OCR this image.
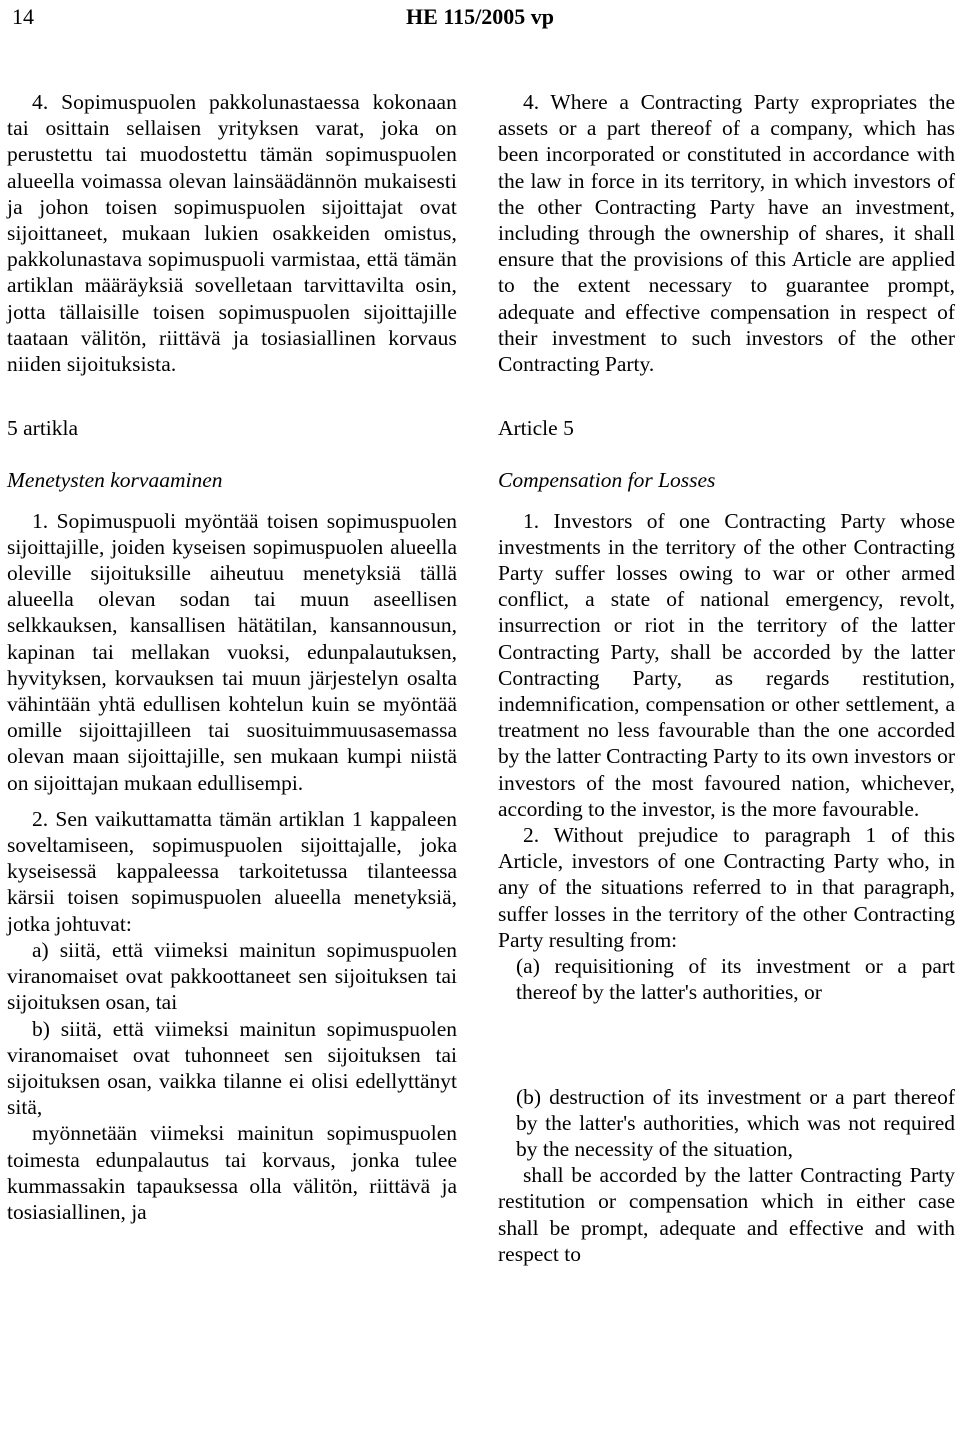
14	HE 115/2005 vp

4. Sopimuspuolen pakkolunastaessa kokonaan tai osittain sellaisen yrityksen varat, joka on perustettu tai muodostettu tämän sopimuspuolen alueella voimassa olevan lainsäädännön mukaisesti ja johon toisen sopimuspuolen sijoittajat ovat sijoittaneet, mukaan lukien osakkeiden omistus, pakkolunastava sopimuspuoli varmistaa, että tämän artiklan määräyksiä sovelletaan tarvittavilta osin, jotta tällaisille toisen sopimuspuolen sijoittajille taataan välitön, riittävä ja tosiasiallinen korvaus niiden sijoituksista.

5 artikla

Menetysten korvaaminen

1. Sopimuspuoli myöntää toisen sopimuspuolen sijoittajille, joiden kyseisen sopimuspuolen alueella oleville sijoituksille aiheutuu menetyksiä tällä alueella olevan sodan tai muun aseellisen selkkauksen, kansallisen hätätilan, kansannousun, kapinan tai mellakan vuoksi, edunpalautuksen, hyvityksen, korvauksen tai muun järjestelyn osalta vähintään yhtä edullisen kohtelun kuin se myöntää omille sijoittajilleen tai suosituimmuusasemassa olevan maan sijoittajille, sen mukaan kumpi niistä on sijoittajan mukaan edullisempi.

2. Sen vaikuttamatta tämän artiklan 1 kappaleen soveltamiseen, sopimuspuolen sijoittajalle, joka kyseisessä kappaleessa tarkoitetussa tilanteessa kärsii toisen sopimuspuolen alueella menetyksiä, jotka johtuvat:

a) siitä, että viimeksi mainitun sopimuspuolen viranomaiset ovat pakkoottaneet sen sijoituksen tai sijoituksen osan, tai

b) siitä, että viimeksi mainitun sopimuspuolen viranomaiset ovat tuhonneet sen sijoituksen tai sijoituksen osan, vaikka tilanne ei olisi edellyttänyt sitä,

myönnetään viimeksi mainitun sopimuspuolen toimesta edunpalautus tai korvaus, jonka tulee kummassakin tapauksessa olla välitön, riittävä ja tosiasiallinen, ja

4. Where a Contracting Party expropriates the assets or a part thereof of a company, which has been incorporated or constituted in accordance with the law in force in its territory, in which investors of the other Contracting Party have an investment, including through the ownership of shares, it shall ensure that the provisions of this Article are applied to the extent necessary to guarantee prompt, adequate and effective compensation in respect of their investment to such investors of the other Contracting Party.

Article 5

Compensation for Losses

1. Investors of one Contracting Party whose investments in the territory of the other Contracting Party suffer losses owing to war or other armed conflict, a state of national emergency, revolt, insurrection or riot in the territory of the latter Contracting Party, shall be accorded by the latter Contracting Party, as regards restitution, indemnification, compensation or other settlement, a treatment no less favourable than the one accorded by the latter Contracting Party to its own investors or investors of the most favoured nation, whichever, according to the investor, is the more favourable.

2. Without prejudice to paragraph 1 of this Article, investors of one Contracting Party who, in any of the situations referred to in that paragraph, suffer losses in the territory of the other Contracting Party resulting from:

(a) requisitioning of its investment or a part thereof by the latter's authorities, or

(b) destruction of its investment or a part thereof by the latter's authorities, which was not required by the necessity of the situation,

shall be accorded by the latter Contracting Party restitution or compensation which in either case shall be prompt, adequate and effective and with respect to
